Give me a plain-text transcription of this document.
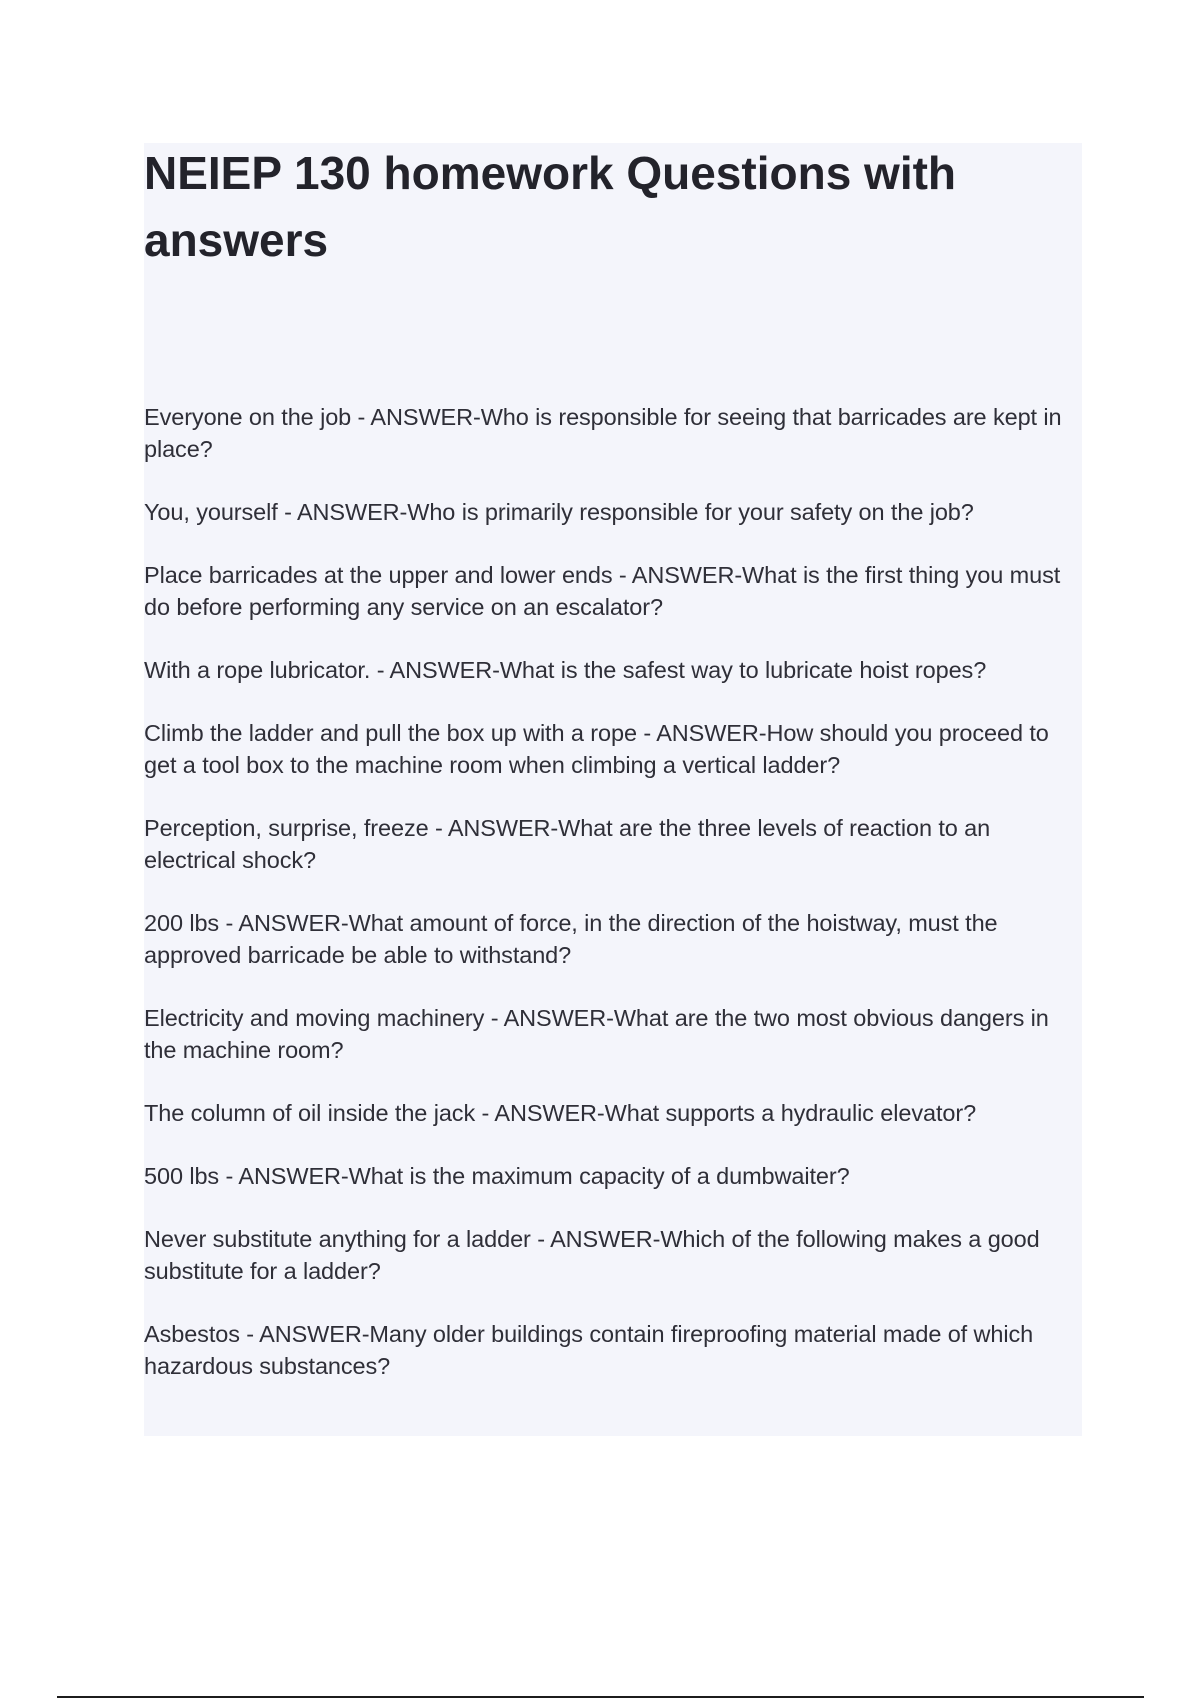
NEIEP 130 homework Questions with answers
Everyone on the job - ANSWER-Who is responsible for seeing that barricades are kept in place?
You, yourself - ANSWER-Who is primarily responsible for your safety on the job?
Place barricades at the upper and lower ends - ANSWER-What is the first thing you must do before performing any service on an escalator?
With a rope lubricator. - ANSWER-What is the safest way to lubricate hoist ropes?
Climb the ladder and pull the box up with a rope - ANSWER-How should you proceed to get a tool box to the machine room when climbing a vertical ladder?
Perception, surprise, freeze - ANSWER-What are the three levels of reaction to an electrical shock?
200 lbs - ANSWER-What amount of force, in the direction of the hoistway, must the approved barricade be able to withstand?
Electricity and moving machinery - ANSWER-What are the two most obvious dangers in the machine room?
The column of oil inside the jack - ANSWER-What supports a hydraulic elevator?
500 lbs - ANSWER-What is the maximum capacity of a dumbwaiter?
Never substitute anything for a ladder - ANSWER-Which of the following makes a good substitute for a ladder?
Asbestos - ANSWER-Many older buildings contain fireproofing material made of which hazardous substances?
